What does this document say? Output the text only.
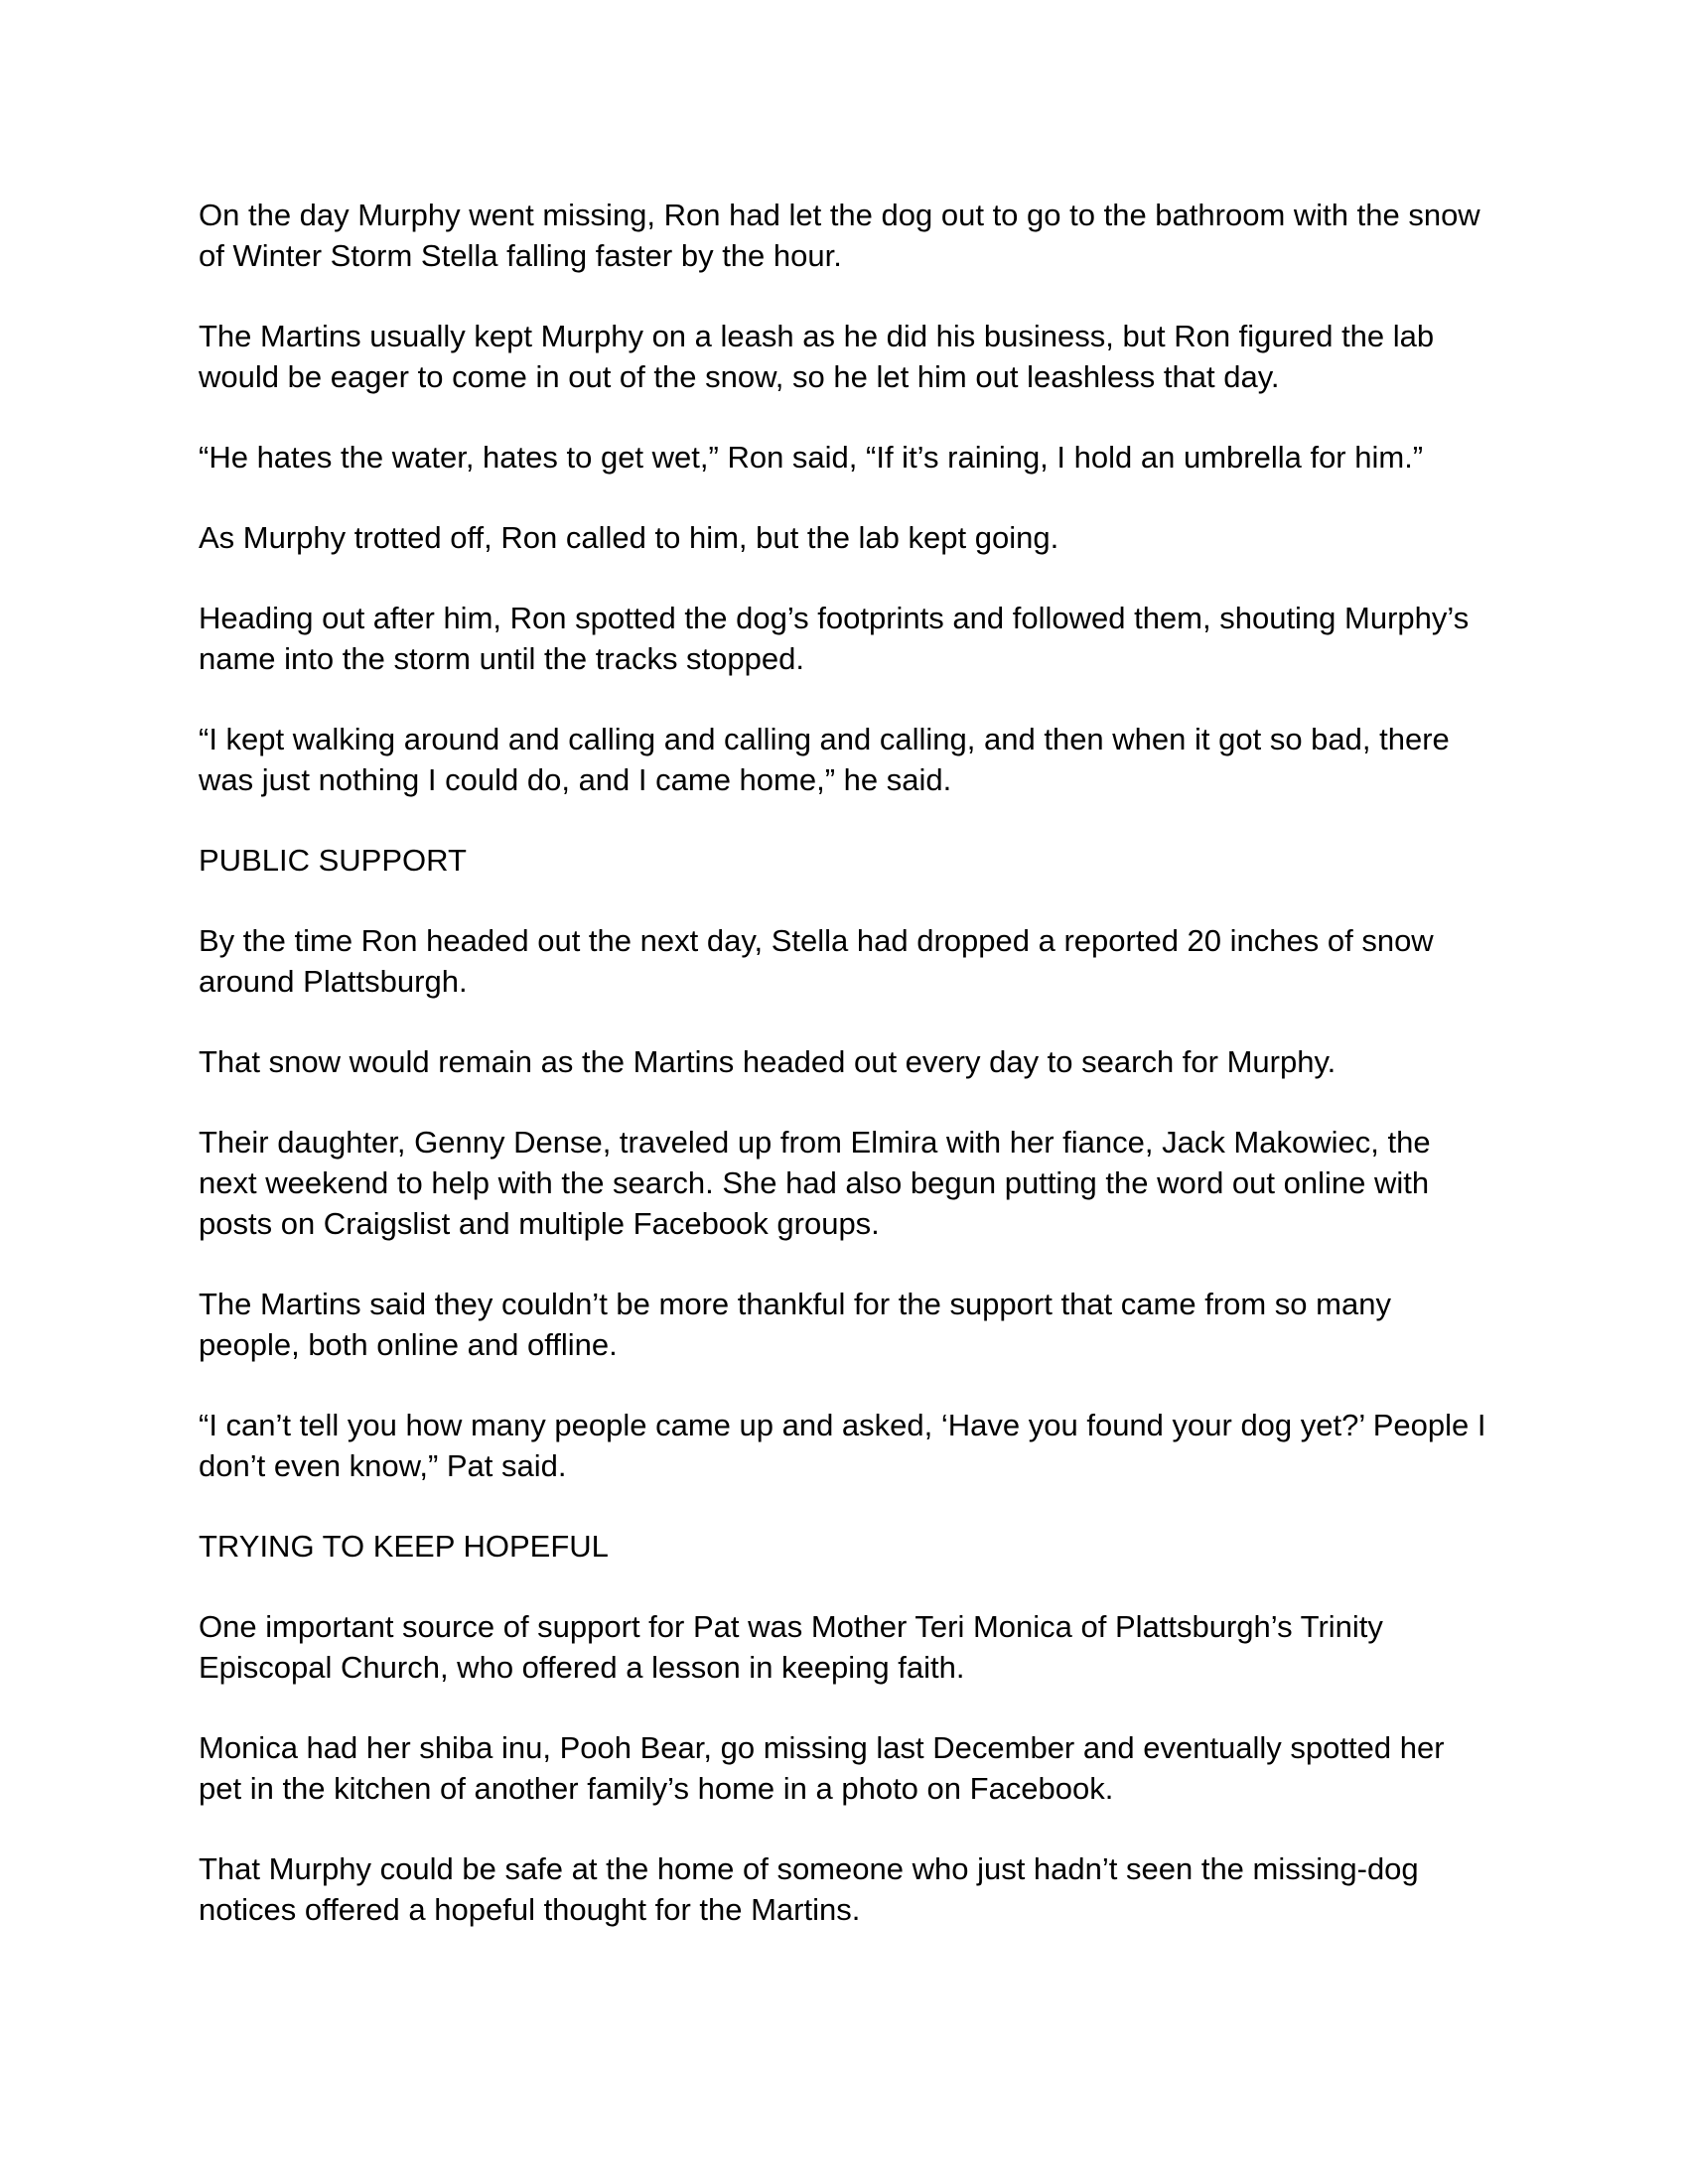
On the day Murphy went missing, Ron had let the dog out to go to the bathroom with the snow of Winter Storm Stella falling faster by the hour.

The Martins usually kept Murphy on a leash as he did his business, but Ron figured the lab would be eager to come in out of the snow, so he let him out leashless that day.

“He hates the water, hates to get wet,” Ron said, “If it’s raining, I hold an umbrella for him.”

As Murphy trotted off, Ron called to him, but the lab kept going.

Heading out after him, Ron spotted the dog’s footprints and followed them, shouting Murphy’s name into the storm until the tracks stopped.

“I kept walking around and calling and calling and calling, and then when it got so bad, there was just nothing I could do, and I came home,” he said.

PUBLIC SUPPORT

By the time Ron headed out the next day, Stella had dropped a reported 20 inches of snow around Plattsburgh.

That snow would remain as the Martins headed out every day to search for Murphy.

Their daughter, Genny Dense, traveled up from Elmira with her fiance, Jack Makowiec, the next weekend to help with the search. She had also begun putting the word out online with posts on Craigslist and multiple Facebook groups.

The Martins said they couldn’t be more thankful for the support that came from so many people, both online and offline.

“I can’t tell you how many people came up and asked, ‘Have you found your dog yet?’ People I don’t even know,” Pat said.

TRYING TO KEEP HOPEFUL

One important source of support for Pat was Mother Teri Monica of Plattsburgh’s Trinity Episcopal Church, who offered a lesson in keeping faith.

Monica had her shiba inu, Pooh Bear, go missing last December and eventually spotted her pet in the kitchen of another family’s home in a photo on Facebook.

That Murphy could be safe at the home of someone who just hadn’t seen the missing-dog notices offered a hopeful thought for the Martins.
